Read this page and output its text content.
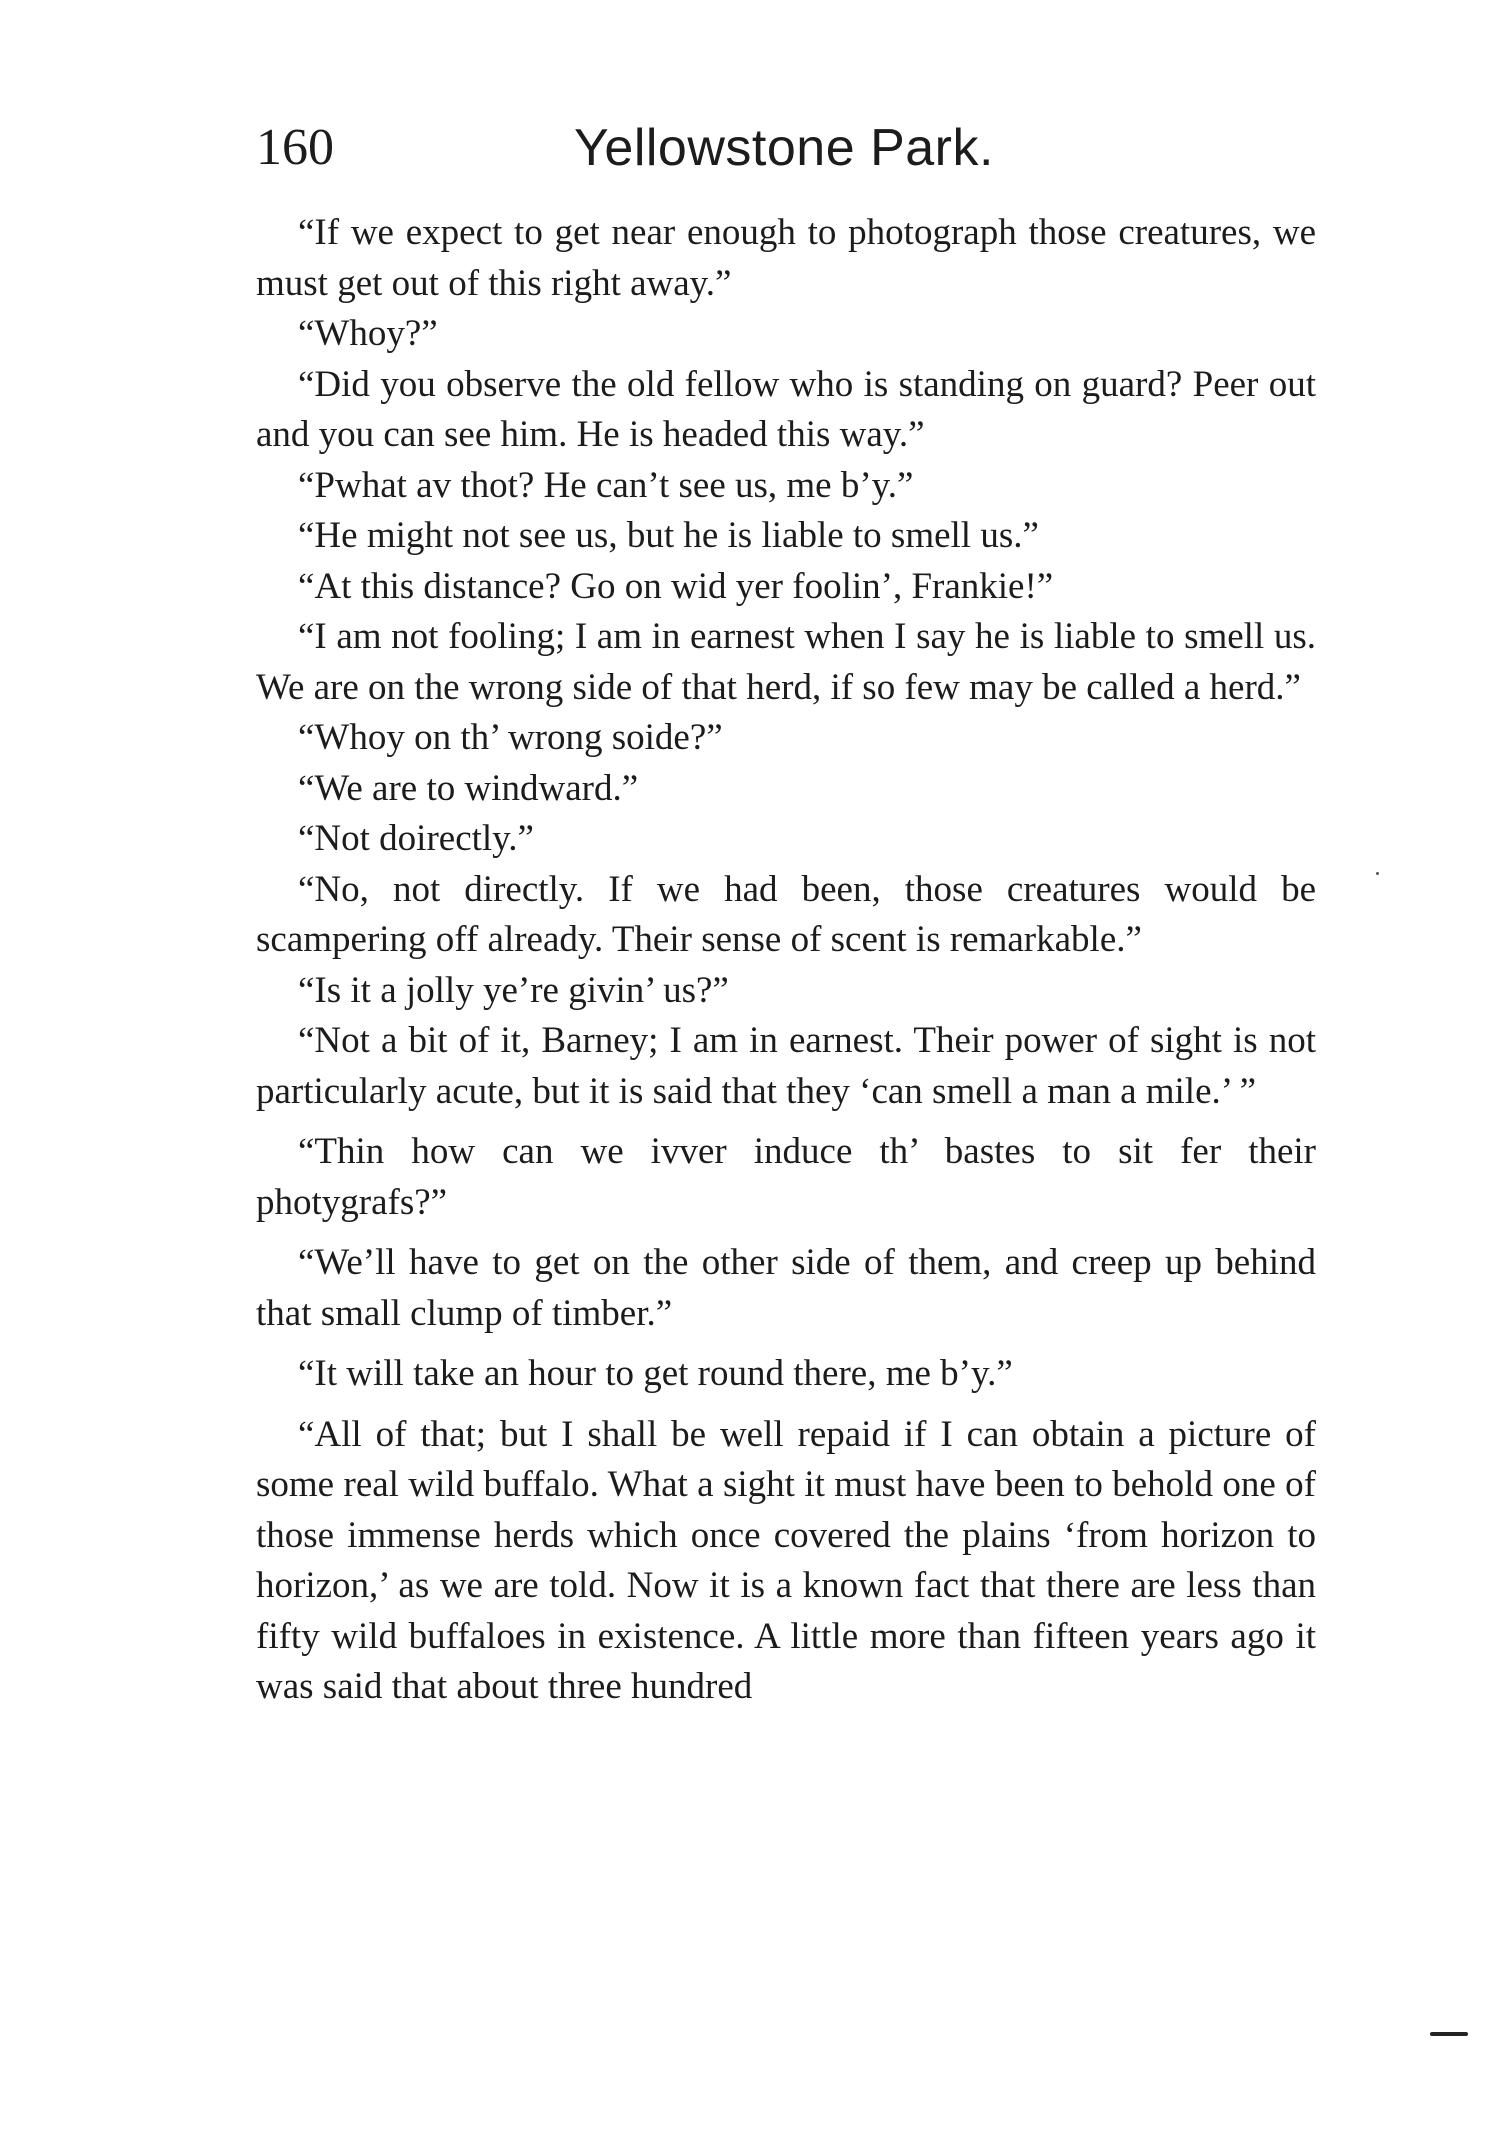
160	Yellowstone Park.

“If we expect to get near enough to photograph those creatures, we must get out of this right away.”

“Whoy?”

“Did you observe the old fellow who is standing on guard? Peer out and you can see him. He is headed this way.”

“Pwhat av thot? He can’t see us, me b’y.”

“He might not see us, but he is liable to smell us.”

“At this distance? Go on wid yer foolin’, Frankie!”

“I am not fooling; I am in earnest when I say he is liable to smell us. We are on the wrong side of that herd, if so few may be called a herd.”

“Whoy on th’ wrong soide?”

“We are to windward.”

“Not doirectly.”

“No, not directly. If we had been, those creatures would be scampering off already. Their sense of scent is remarkable.”

“Is it a jolly ye’re givin’ us?”

“Not a bit of it, Barney; I am in earnest. Their power of sight is not particularly acute, but it is said that they ‘can smell a man a mile.’ ”

“Thin how can we ivver induce th’ bastes to sit fer their photygrafs?”

“We’ll have to get on the other side of them, and creep up behind that small clump of timber.”

“It will take an hour to get round there, me b’y.”

“All of that; but I shall be well repaid if I can obtain a picture of some real wild buffalo. What a sight it must have been to behold one of those immense herds which once covered the plains ‘from horizon to horizon,’ as we are told. Now it is a known fact that there are less than fifty wild buffaloes in existence. A little more than fifteen years ago it was said that about three hundred
